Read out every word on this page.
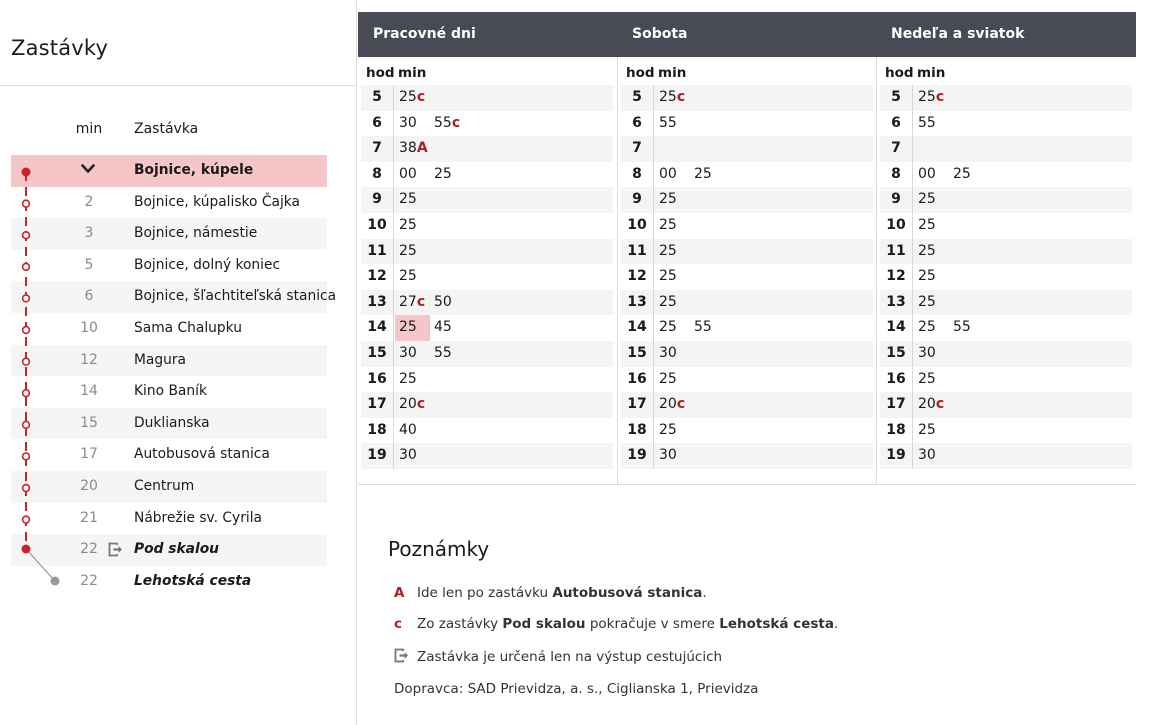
Zastávky
min	Zastávka
Bojnice, kúpele
2	Bojnice, kúpalisko Čajka
3	Bojnice, námestie
5	Bojnice, dolný koniec
6	Bojnice, šľachtiteľská stanica
10	Sama Chalupku
12	Magura
14	Kino Baník
15	Duklianska
17	Autobusová stanica
20	Centrum
21	Nábrežie sv. Cyrila
22	Pod skalou
22	Lehotská cesta
Pracovné dni	Sobota	Nedeľa a sviatok
hod min
5	25c
6	30	55c
7	38A
8	00	25
9	25
10 25
11 25
12 25
13 27c 50
14 25	45
15 30	55
16 25
17 20c
18 40
19 30
hod min
5	25c
6	55
7
8	00	25
9	25
10 25
11 25
12 25
13 25
14 25	55
15 30
16 25
17 20c
18 25
19 30
hod min
5	25c
6	55
7
8	00	25
9	25
10 25
11 25
12 25
13 25
14 25	55
15 30
16 25
17 20c
18 25
19 30
Poznámky
A Ide len po zastávku Autobusová stanica.
c Zo zastávky Pod skalou pokračuje v smere Lehotská cesta.
Zastávka je určená len na výstup cestujúcich
Dopravca: SAD Prievidza, a. s., Ciglianska 1, Prievidza
